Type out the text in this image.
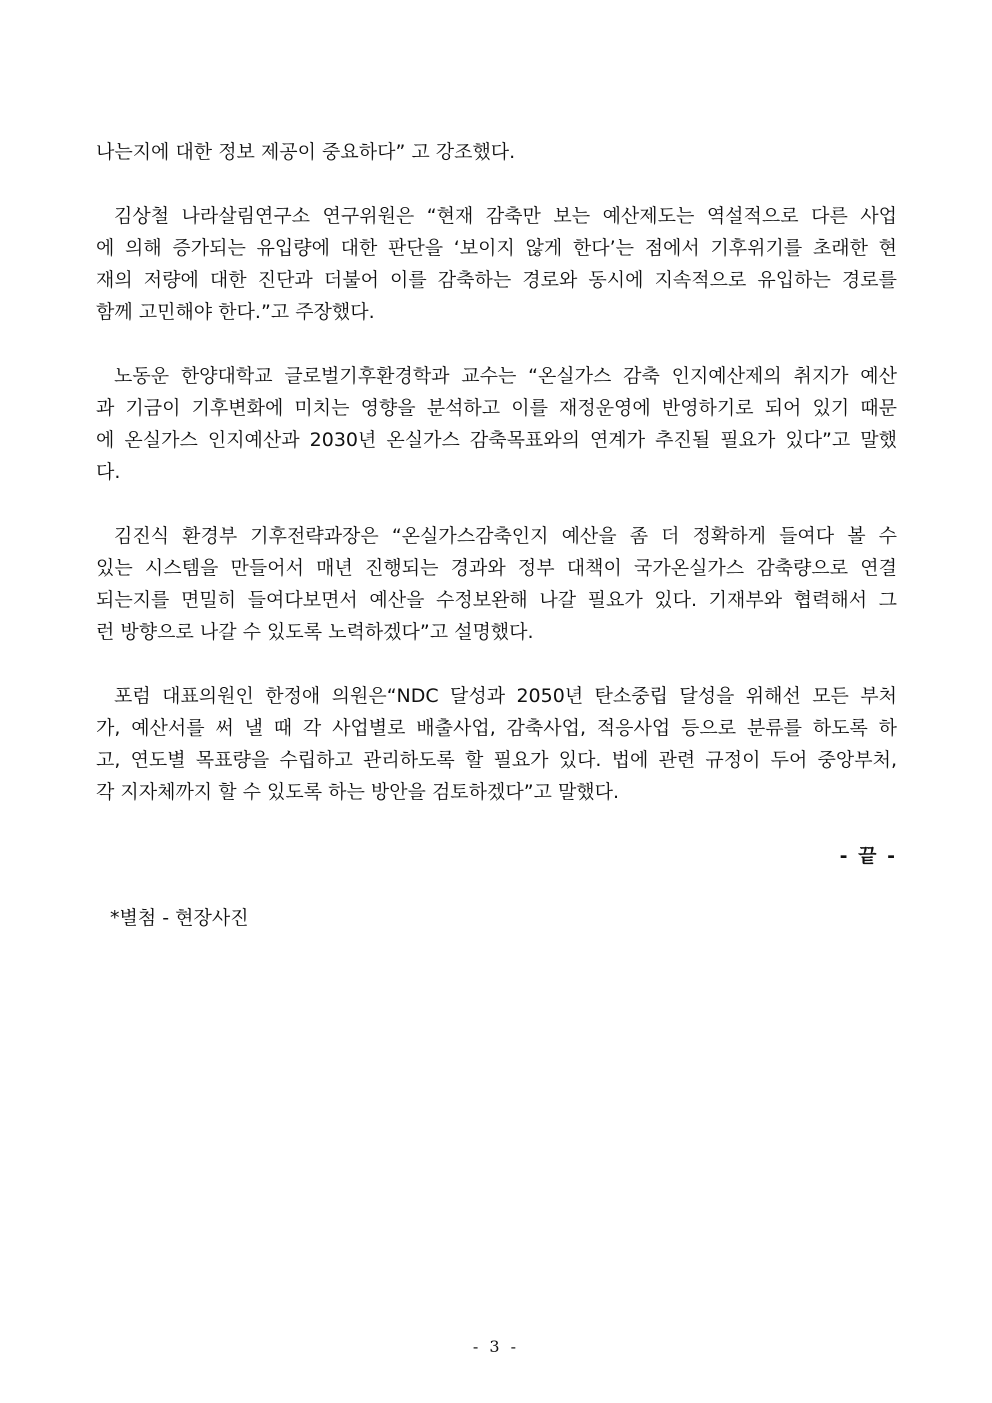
나는지에 대한 정보 제공이 중요하다” 고 강조했다.
김상철 나라살림연구소 연구위원은 “현재 감축만 보는 예산제도는 역설적으로 다른 사업
에 의해 증가되는 유입량에 대한 판단을 ‘보이지 않게 한다’는 점에서 기후위기를 초래한 현
재의 저량에 대한 진단과 더불어 이를 감축하는 경로와 동시에 지속적으로 유입하는 경로를
함께 고민해야 한다.”고 주장했다.
노동운 한양대학교 글로벌기후환경학과 교수는 “온실가스 감축 인지예산제의 취지가 예산
과 기금이 기후변화에 미치는 영향을 분석하고 이를 재정운영에 반영하기로 되어 있기 때문
에 온실가스 인지예산과 2030년 온실가스 감축목표와의 연계가 추진될 필요가 있다”고 말했
다.
김진식 환경부 기후전략과장은 “온실가스감축인지 예산을 좀 더 정확하게 들여다 볼 수
있는 시스템을 만들어서 매년 진행되는 경과와 정부 대책이 국가온실가스 감축량으로 연결
되는지를 면밀히 들여다보면서 예산을 수정보완해 나갈 필요가 있다. 기재부와 협력해서 그
런 방향으로 나갈 수 있도록 노력하겠다”고 설명했다.
포럼 대표의원인 한정애 의원은“NDC 달성과 2050년 탄소중립 달성을 위해선 모든 부처
가, 예산서를 써 낼 때 각 사업별로 배출사업, 감축사업, 적응사업 등으로 분류를 하도록 하
고, 연도별 목표량을 수립하고 관리하도록 할 필요가 있다. 법에 관련 규정이 두어 중앙부처,
각 지자체까지 할 수 있도록 하는 방안을 검토하겠다”고 말했다.
- 끝 -
*별첨 - 현장사진
- 3 -
